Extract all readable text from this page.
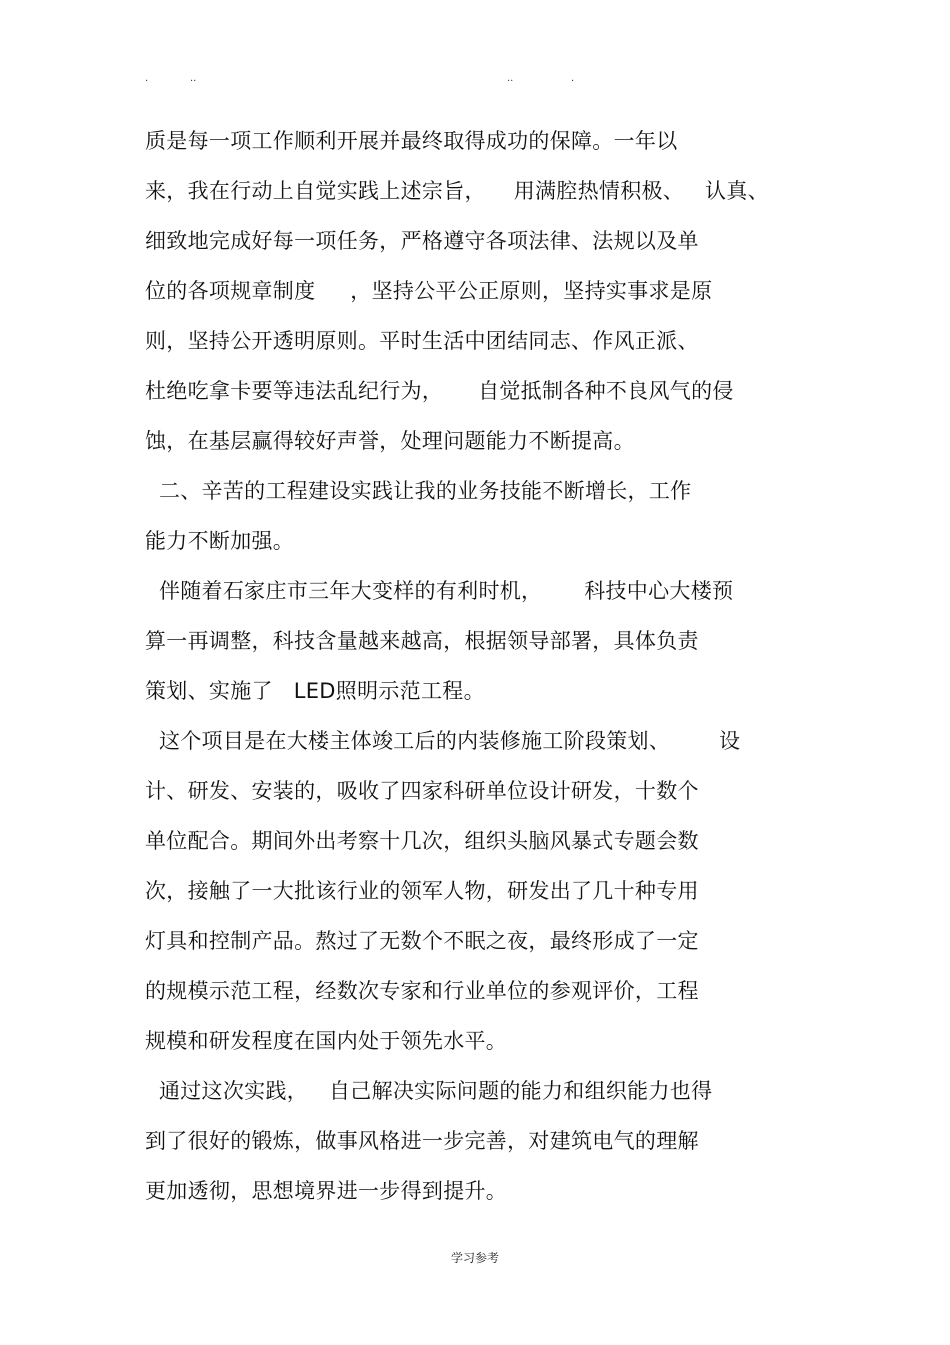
.	..	..	.
质是每一项工作顺利开展并最终取得成功的保障。一年以
来，我在行动上自觉实践上述宗旨，    用满腔热情积极、   认真、
细致地完成好每一项任务，严格遵守各项法律、法规以及单
位的各项规章制度     ，坚持公平公正原则，坚持实事求是原
则，坚持公开透明原则。平时生活中团结同志、作风正派、
杜绝吃拿卡要等违法乱纪行为，     自觉抵制各种不良风气的侵
蚀，在基层赢得较好声誉，处理问题能力不断提高。
二、辛苦的工程建设实践让我的业务技能不断增长，工作
能力不断加强。
伴随着石家庄市三年大变样的有利时机，      科技中心大楼预
算一再调整，科技含量越来越高，根据领导部署，具体负责
策划、实施了   LED照明示范工程。
这个项目是在大楼主体竣工后的内装修施工阶段策划、       设
计、研发、安装的，吸收了四家科研单位设计研发，十数个
单位配合。期间外出考察十几次，组织头脑风暴式专题会数
次，接触了一大批该行业的领军人物，研发出了几十种专用
灯具和控制产品。熬过了无数个不眠之夜，最终形成了一定
的规模示范工程，经数次专家和行业单位的参观评价，工程
规模和研发程度在国内处于领先水平。
通过这次实践，   自己解决实际问题的能力和组织能力也得
到了很好的锻炼，做事风格进一步完善，对建筑电气的理解
更加透彻，思想境界进一步得到提升。
学习参考
